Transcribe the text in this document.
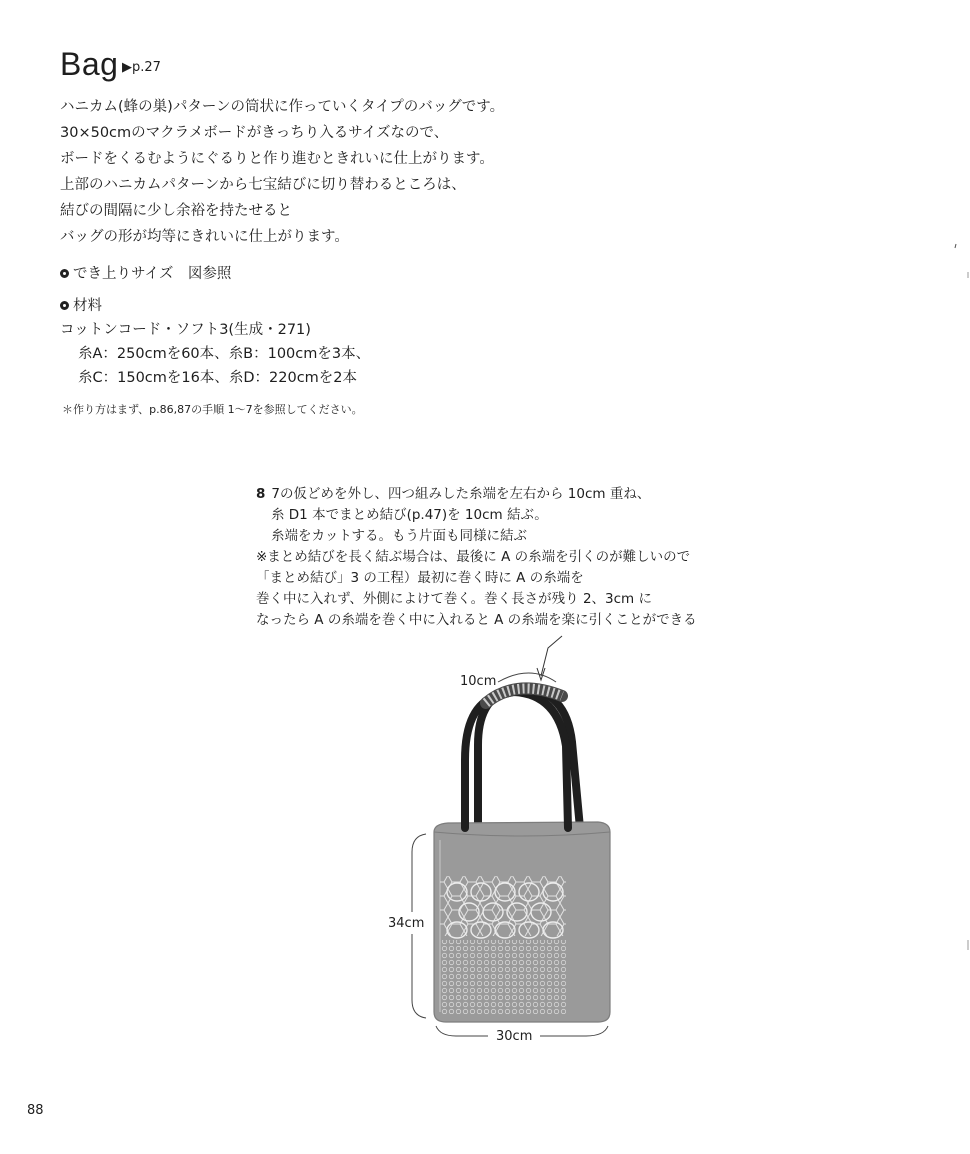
Bag ▶p.27
ハニカム(蜂の巣)パターンの筒状に作っていくタイプのバッグです。
30×50cmのマクラメボードがきっちり入るサイズなので、
ボードをくるむようにぐるりと作り進むときれいに仕上がります。
上部のハニカムパターンから七宝結びに切り替わるところは、
結びの間隔に少し余裕を持たせると
バッグの形が均等にきれいに仕上がります。
でき上りサイズ　図参照
材料
コットンコード・ソフト3(生成・271)
糸A：250cmを60本、糸B：100cmを3本、
糸C：150cmを16本、糸D：220cmを2本
＊作り方はまず、p.86,87の手順 1〜7を参照してください。
8 7の仮どめを外し、四つ組みした糸端を左右から 10cm 重ね、
糸 D1 本でまとめ結び(p.47)を 10cm 結ぶ。
糸端をカットする。もう片面も同様に結ぶ
※まとめ結びを長く結ぶ場合は、最後に A の糸端を引くのが難しいので
「まとめ結び」3 の工程）最初に巻く時に A の糸端を
巻く中に入れず、外側によけて巻く。巻く長さが残り 2、3cm に
なったら A の糸端を巻く中に入れると A の糸端を楽に引くことができる
10cm
34cm
30cm
88
